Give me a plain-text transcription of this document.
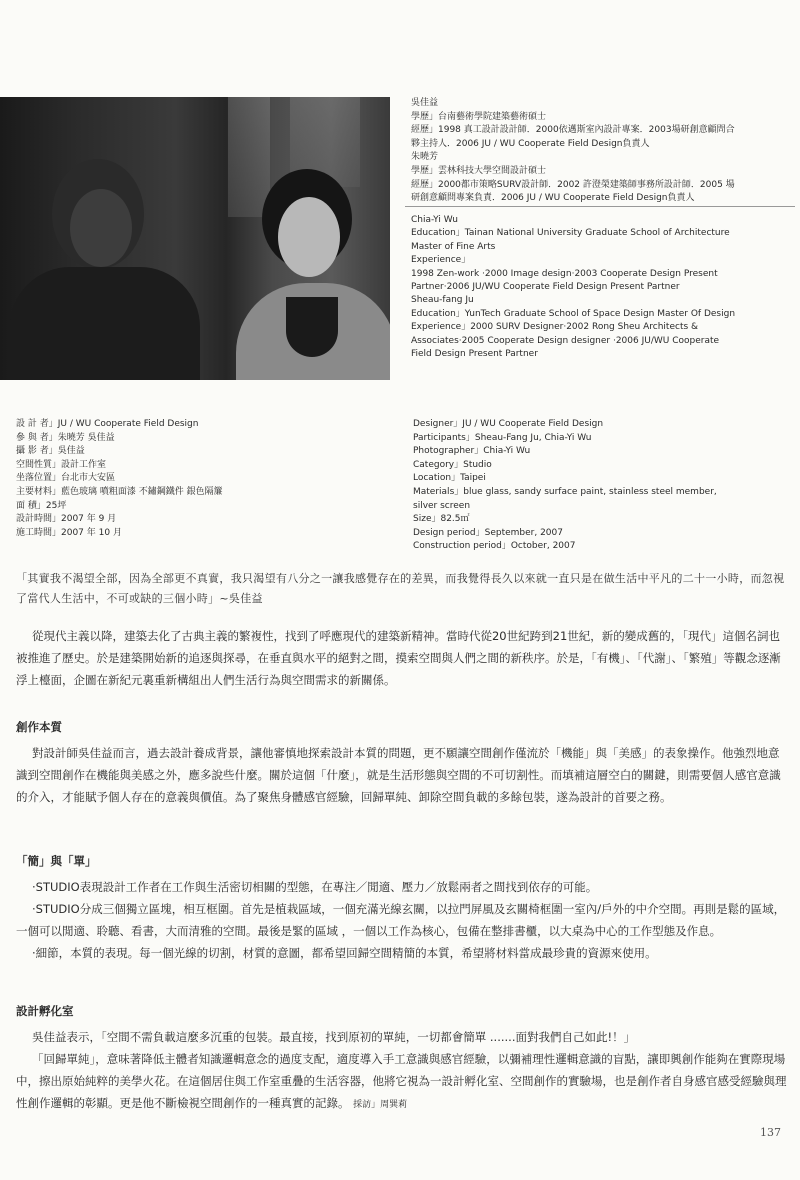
吳佳益
學歷」台南藝術學院建築藝術碩士
經歷」1998 真工設計設計師．2000依邁斯室內設計專案．2003場研創意顧問合
夥主持人．2006 JU / WU Cooperate Field Design負責人
朱曉芳
學歷」雲林科技大學空間設計碩士
經歷」2000都市策略SURV設計師．2002 許澄榮建築師事務所設計師．2005 場
研創意顧問專案負責．2006 JU / WU Cooperate Field Design負責人
Chia-Yi Wu
Education」Tainan National University Graduate School of Architecture
Master of Fine Arts
Experience」
1998 Zen-work ‧2000 Image design‧2003 Cooperate Design Present
Partner‧2006 JU/WU Cooperate Field Design Present Partner
Sheau-fang Ju
Education」YunTech Graduate School of Space Design Master Of Design
Experience」2000 SURV Designer‧2002 Rong Sheu Architects &
Associates‧2005 Cooperate Design designer ‧2006 JU/WU Cooperate
Field Design Present Partner
設 計 者」JU / WU Cooperate Field Design
參 與 者」朱曉芳 吳佳益
攝 影 者」吳佳益
空間性質」設計工作室
坐落位置」台北市大安區
主要材料」藍色玻璃 噴粗面漆 不鏽鋼鐵件 銀色隔簾
面 積」25坪
設計時間」2007 年 9 月
施工時間」2007 年 10 月
Designer」JU / WU Cooperate Field Design
Participants」Sheau-Fang Ju, Chia-Yi Wu
Photographer」Chia-Yi Wu
Category」Studio
Location」Taipei
Materials」blue glass, sandy surface paint, stainless steel member,
silver screen
Size」82.5㎡
Design period」September, 2007
Construction period」October, 2007
「其實我不渴望全部，因為全部更不真實，我只渴望有八分之一讓我感覺存在的差異，而我覺得長久以來就一直只是在做生活中平凡的二十一小時，而忽視了當代人生活中，不可或缺的三個小時」~吳佳益

從現代主義以降，建築去化了古典主義的繁複性，找到了呼應現代的建築新精神。當時代從20世紀跨到21世紀，新的變成舊的，「現代」這個名詞也被推進了歷史。於是建築開始新的追逐與探尋，在垂直與水平的絕對之間，摸索空間與人們之間的新秩序。於是，「有機」、「代謝」、「繁殖」等觀念逐漸浮上檯面，企圖在新紀元裏重新構組出人們生活行為與空間需求的新關係。

創作本質

對設計師吳佳益而言，過去設計養成背景，讓他審慎地探索設計本質的問題，更不願讓空間創作僅流於「機能」與「美感」的表象操作。他強烈地意識到空間創作在機能與美感之外，應多說些什麼。關於這個「什麼」，就是生活形態與空間的不可切割性。而填補這層空白的關鍵，則需要個人感官意識的介入，才能賦予個人存在的意義與價值。為了聚焦身體感官經驗，回歸單純、卸除空間負載的多餘包裝，遂為設計的首要之務。

「簡」與「單」

‧STUDIO表現設計工作者在工作與生活密切相關的型態，在專注／閒適、壓力／放鬆兩者之間找到依存的可能。

‧STUDIO分成三個獨立區塊，相互框圍。首先是植栽區域，一個充滿光線玄關，以拉門屏風及玄關椅框圍一室內/戶外的中介空間。再則是鬆的區域，一個可以閒適、聆聽、看書，大而清雅的空間。最後是緊的區域 ，一個以工作為核心，包備在整排書櫃，以大桌為中心的工作型態及作息。

‧細節，本質的表現。每一個光線的切割，材質的意圖，都希望回歸空間精簡的本質，希望將材料當成最珍貴的資源來使用。

設計孵化室

吳佳益表示，「空間不需負載這麼多沉重的包裝。最直接，找到原初的單純，一切都會簡單 .......面對我們自己如此!！」

「回歸單純」，意味著降低主體者知識邏輯意念的過度支配，適度導入手工意識與感官經驗，以彌補理性邏輯意識的盲點，讓即興創作能夠在實際現場中，擦出原始純粹的美學火花。在這個居住與工作室重疊的生活容器，他將它視為一設計孵化室、空間創作的實驗場，也是創作者自身感官感受經驗與理性創作邏輯的彰顯。更是他不斷檢視空間創作的一種真實的記錄。 採訪」周巽莉

137
